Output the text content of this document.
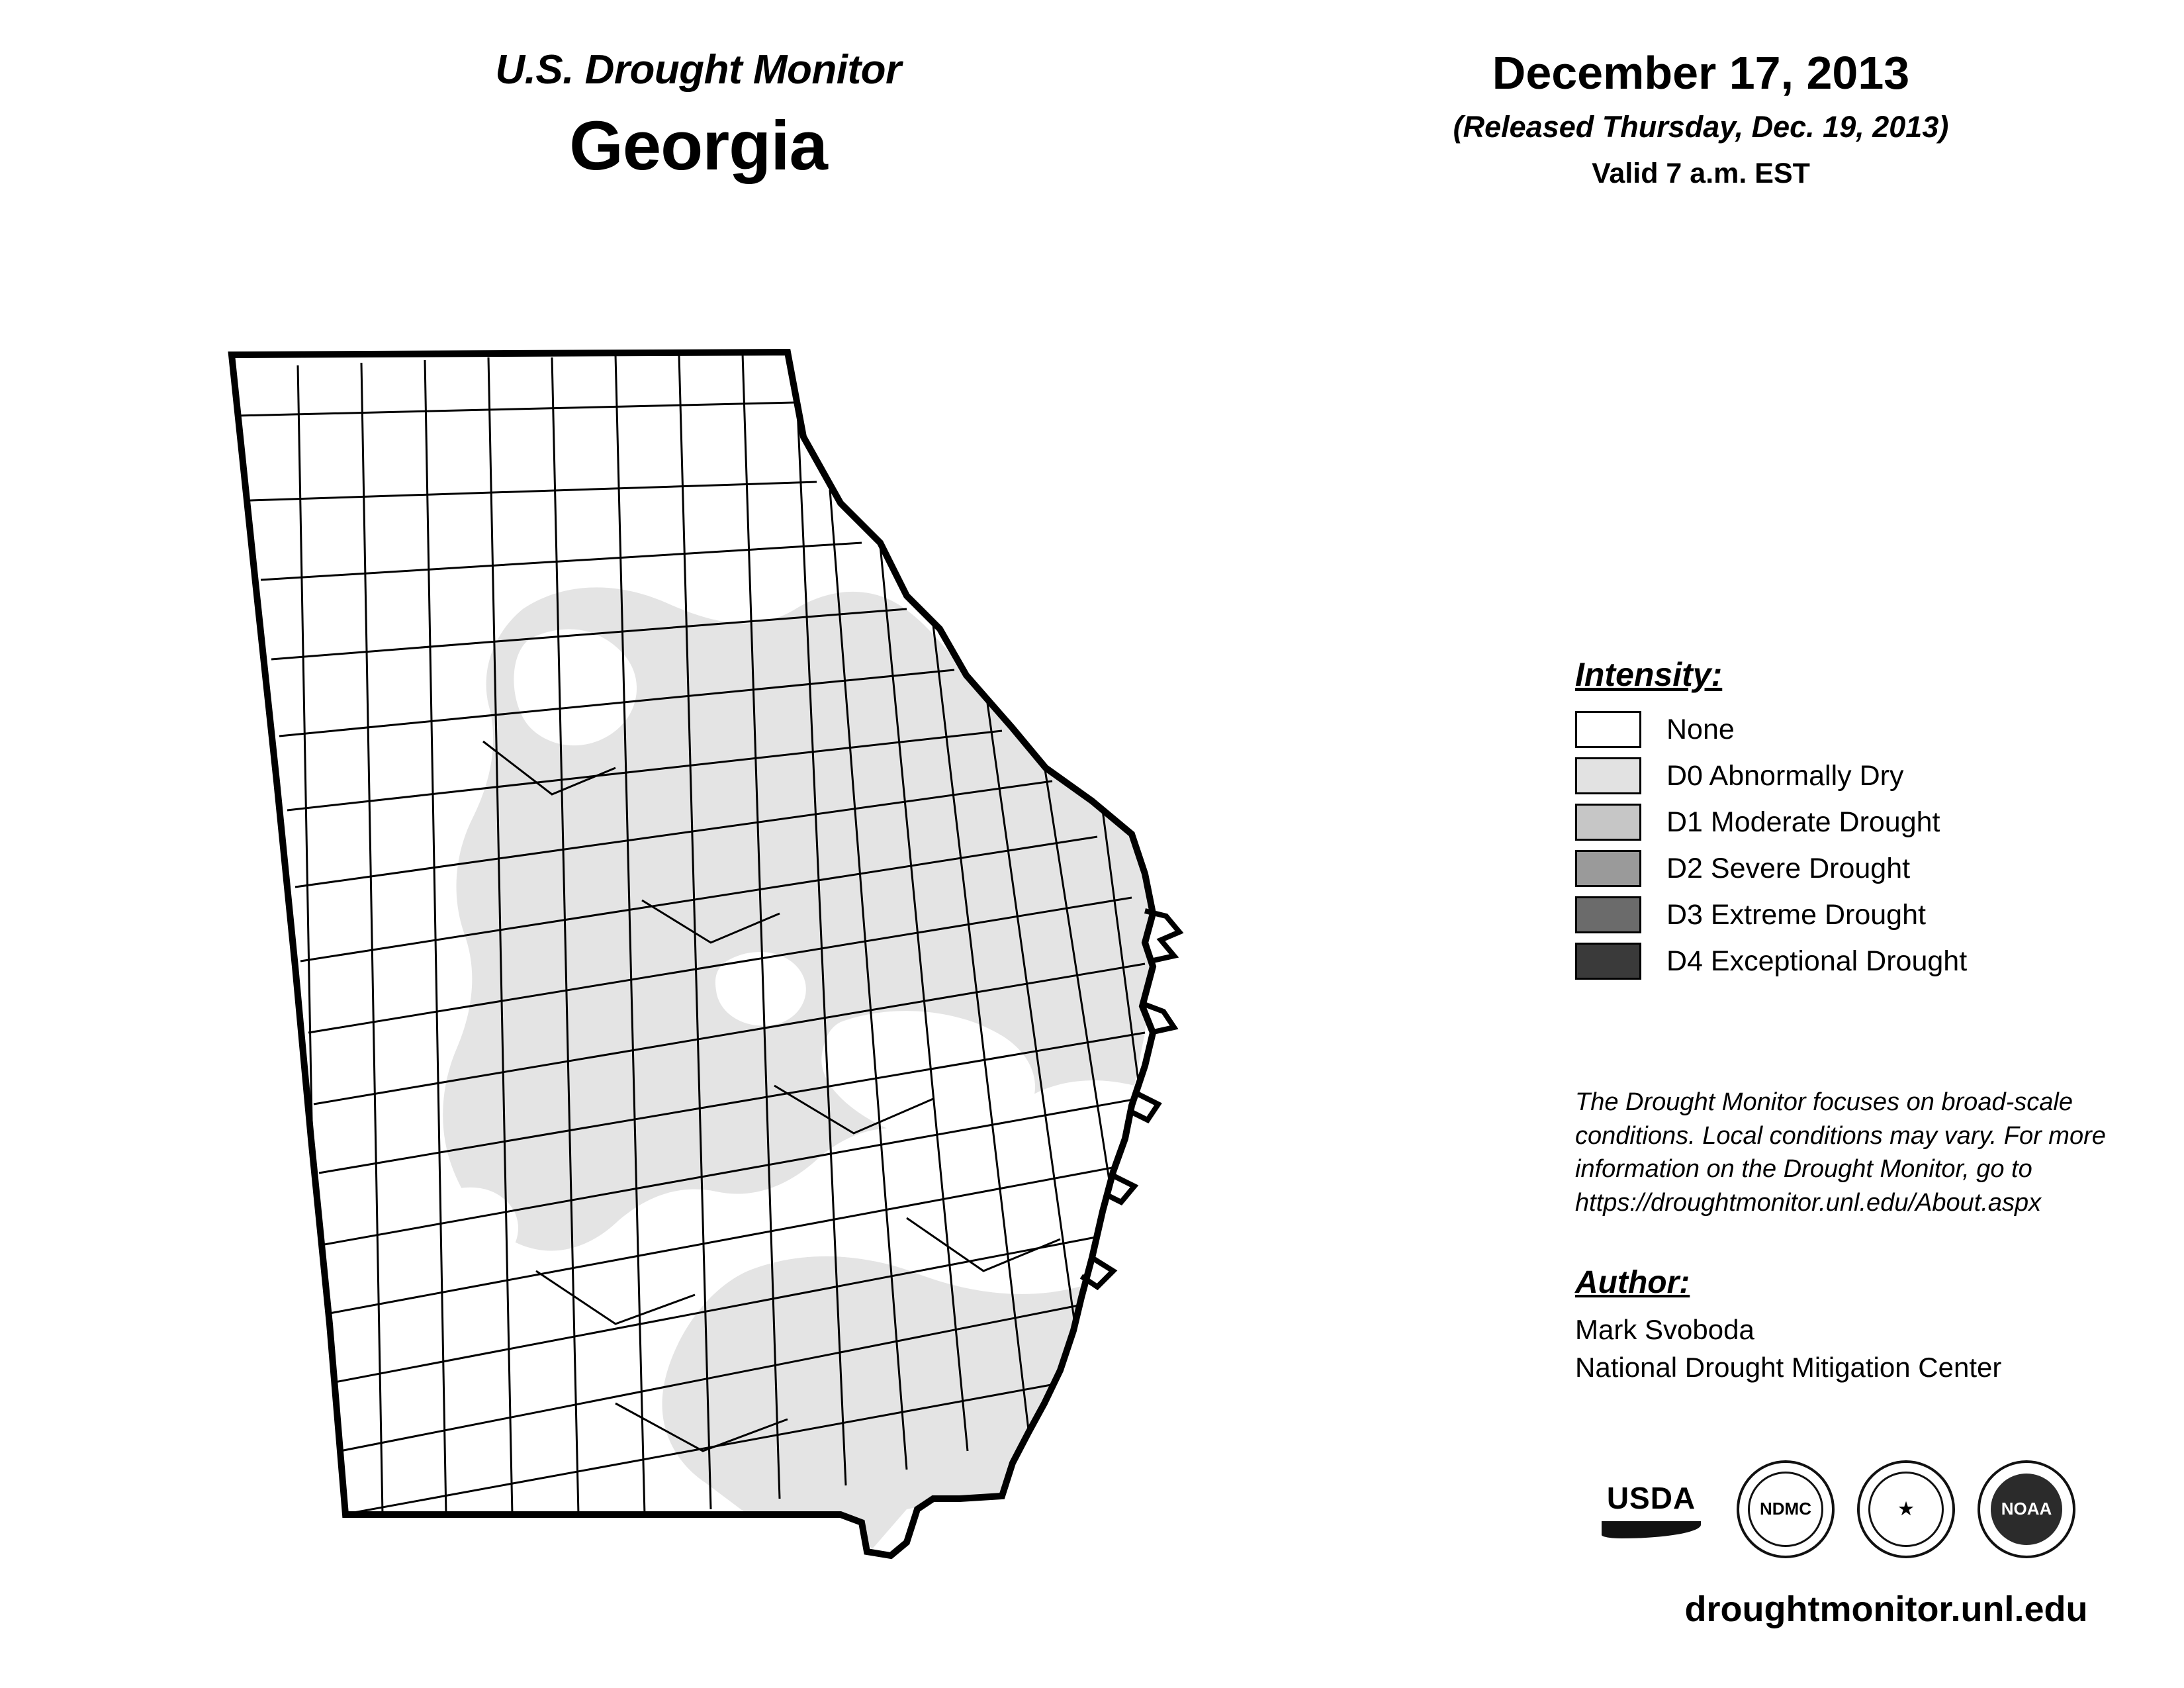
U.S. Drought Monitor
Georgia
December 17, 2013
(Released Thursday, Dec. 19, 2013)
Valid 7 a.m. EST
Intensity:
None
D0 Abnormally Dry
D1 Moderate Drought
D2 Severe Drought
D3 Extreme Drought
D4 Exceptional Drought
The Drought Monitor focuses on broad-scale conditions. Local conditions may vary. For more information on the Drought Monitor, go to https://droughtmonitor.unl.edu/About.aspx
Author:
Mark Svoboda
National Drought Mitigation Center
USDA	NDMC	★	NOAA
droughtmonitor.unl.edu
